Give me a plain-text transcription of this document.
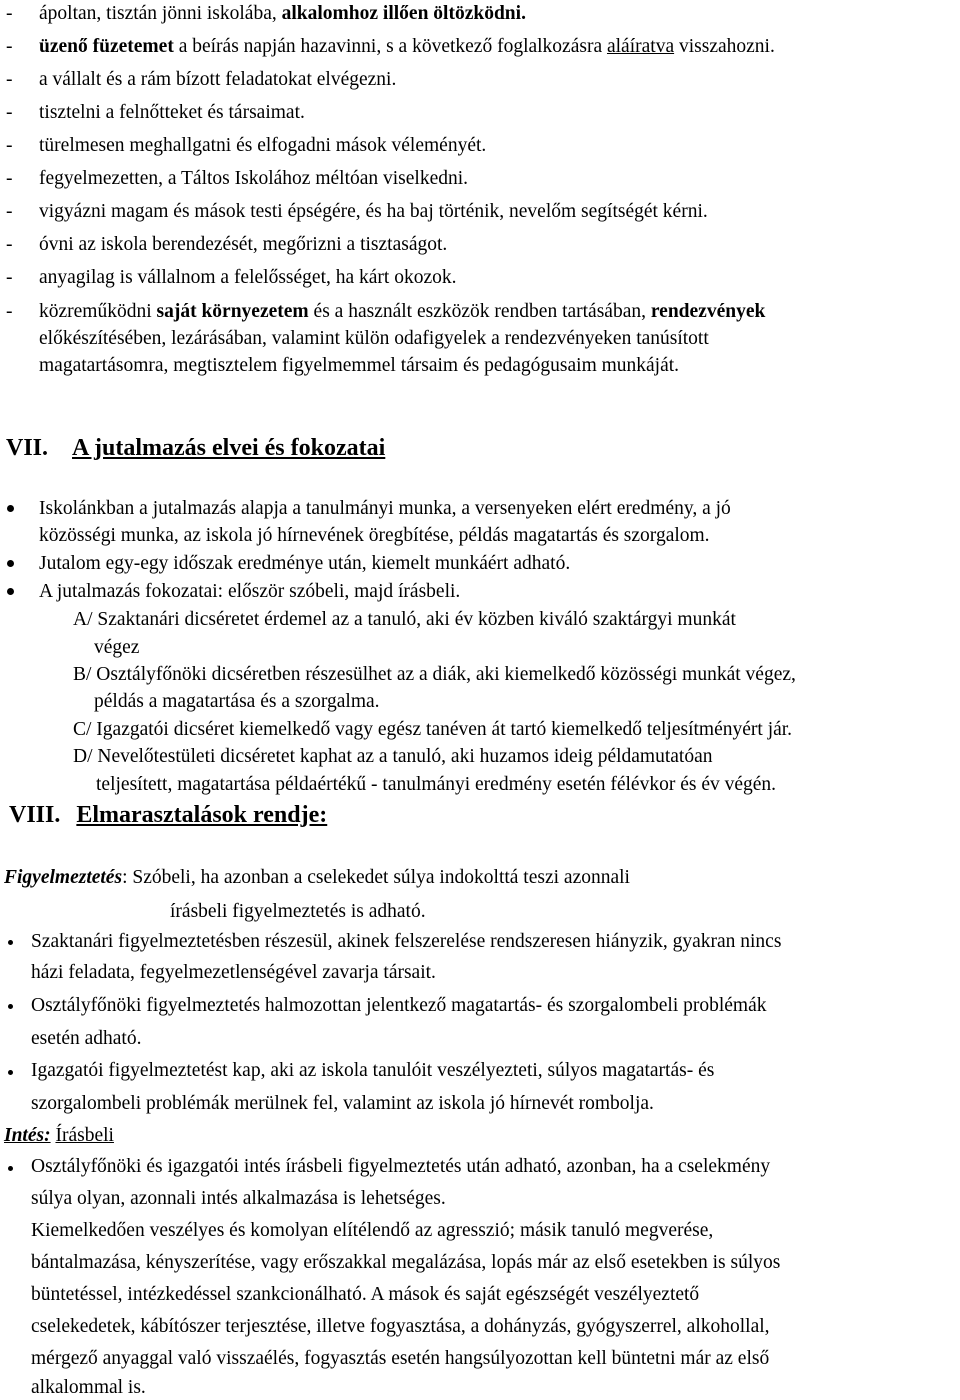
- ápoltan, tisztán jönni iskolába, alkalomhoz illően öltözködni.
- üzenő füzetemet a beírás napján hazavinni, s a következő foglalkozásra aláíratva visszahozni.
- a vállalt és a rám bízott feladatokat elvégezni.
- tisztelni a felnőtteket és társaimat.
- türelmesen meghallgatni és elfogadni mások véleményét.
- fegyelmezetten, a Táltos Iskolához méltóan viselkedni.
- vigyázni magam és mások testi épségére, és ha baj történik, nevelőm segítségét kérni.
- óvni az iskola berendezését, megőrizni a tisztaságot.
- anyagilag is vállalnom a felelősséget, ha kárt okozok.
- közreműködni saját környezetem és a használt eszközök rendben tartásában, rendezvények
előkészítésében, lezárásában, valamint külön odafigyelek a rendezvényeken tanúsított
magatartásomra, megtisztelem figyelmemmel társaim és pedagógusaim munkáját.
VII. A jutalmazás elvei és fokozatai
Iskolánkban a jutalmazás alapja a tanulmányi munka, a versenyeken elért eredmény, a jó
közösségi munka, az iskola jó hírnevének öregbítése, példás magatartás és szorgalom.
Jutalom egy-egy időszak eredménye után, kiemelt munkáért adható.
A jutalmazás fokozatai: először szóbeli, majd írásbeli.
A/ Szaktanári dicséretet érdemel az a tanuló, aki év közben kiváló szaktárgyi munkát
végez
B/ Osztályfőnöki dicséretben részesülhet az a diák, aki kiemelkedő közösségi munkát végez,
példás a magatartása és a szorgalma.
C/ Igazgatói dicséret kiemelkedő vagy egész tanéven át tartó kiemelkedő teljesítményért jár.
D/ Nevelőtestületi dicséretet kaphat az a tanuló, aki huzamos ideig példamutatóan
teljesített, magatartása példaértékű - tanulmányi eredmény esetén félévkor és év végén.
VIII. Elmarasztalások rendje:
Figyelmeztetés: Szóbeli, ha azonban a cselekedet súlya indokolttá teszi azonnali
írásbeli figyelmeztetés is adható.
Szaktanári figyelmeztetésben részesül, akinek felszerelése rendszeresen hiányzik, gyakran nincs
házi feladata, fegyelmezetlenségével zavarja társait.
Osztályfőnöki figyelmeztetés halmozottan jelentkező magatartás- és szorgalombeli problémák
esetén adható.
Igazgatói figyelmeztetést kap, aki az iskola tanulóit veszélyezteti, súlyos magatartás- és
szorgalombeli problémák merülnek fel, valamint az iskola jó hírnevét rombolja.
Intés: Írásbeli
Osztályfőnöki és igazgatói intés írásbeli figyelmeztetés után adható, azonban, ha a cselekmény
súlya olyan, azonnali intés alkalmazása is lehetséges.
Kiemelkedően veszélyes és komolyan elítélendő az agresszió; másik tanuló megverése,
bántalmazása, kényszerítése, vagy erőszakkal megalázása, lopás már az első esetekben is súlyos
büntetéssel, intézkedéssel szankcionálható. A mások és saját egészségét veszélyeztető
cselekedetek, kábítószer terjesztése, illetve fogyasztása, a dohányzás, gyógyszerrel, alkohollal,
mérgező anyaggal való visszaélés, fogyasztás esetén hangsúlyozottan kell büntetni már az első
alkalommal is.
